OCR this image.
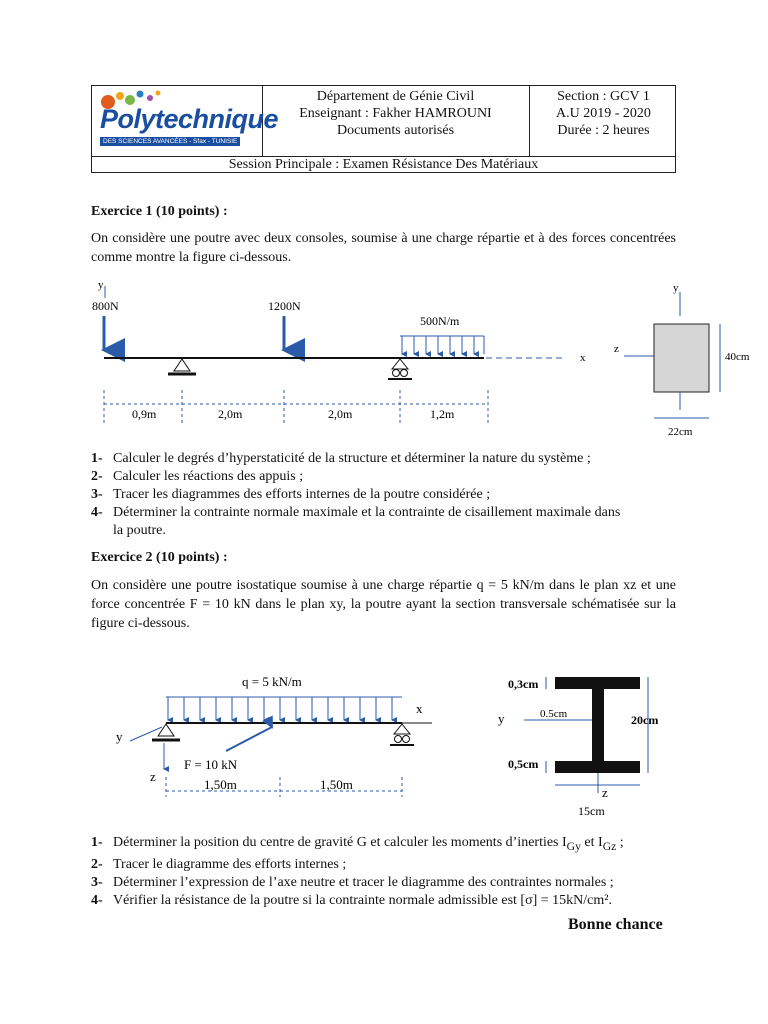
Polytechnique
DES SCIENCES AVANCÉES - Sfax - TUNISIE
Département de Génie Civil
Enseignant : Fakher HAMROUNI
Documents autorisés
Section : GCV 1
A.U 2019 - 2020
Durée : 2 heures
Session Principale : Examen Résistance Des Matériaux
Exercice 1 (10 points) :
On considère une poutre avec deux consoles, soumise à une charge répartie et à des forces concentrées comme montre la figure ci-dessous.
y
800N	1200N
500N/m
x
0,9m	2,0m	2,0m	1,2m
y
z
40cm
22cm
1- Calculer le degrés d’hyperstaticité de la structure et déterminer la nature du système ;
2- Calculer les réactions des appuis ;
3- Tracer les diagrammes des efforts internes de la poutre considérée ;
4- Déterminer la contrainte normale maximale et la contrainte de cisaillement maximale dans
la poutre.
Exercice 2 (10 points) :
On considère une poutre isostatique soumise à une charge répartie q = 5 kN/m dans le plan xz et une force concentrée F = 10 kN dans le plan xy, la poutre ayant la section transversale schématisée sur la figure ci-dessous.
q = 5 kN/m
x
y
z
F = 10 kN
1,50m	1,50m
0,3cm
y	0.5cm	20cm
0,5cm
z
15cm
1- Déterminer la position du centre de gravité G et calculer les moments d’inerties $I_{Gy}$ et $I_{Gz}$ ;
2- Tracer le diagramme des efforts internes ;
3- Déterminer l’expression de l’axe neutre et tracer le diagramme des contraintes normales ;
4- Vérifier la résistance de la poutre si la contrainte normale admissible est [σ] = 15kN/cm².
Bonne chance
